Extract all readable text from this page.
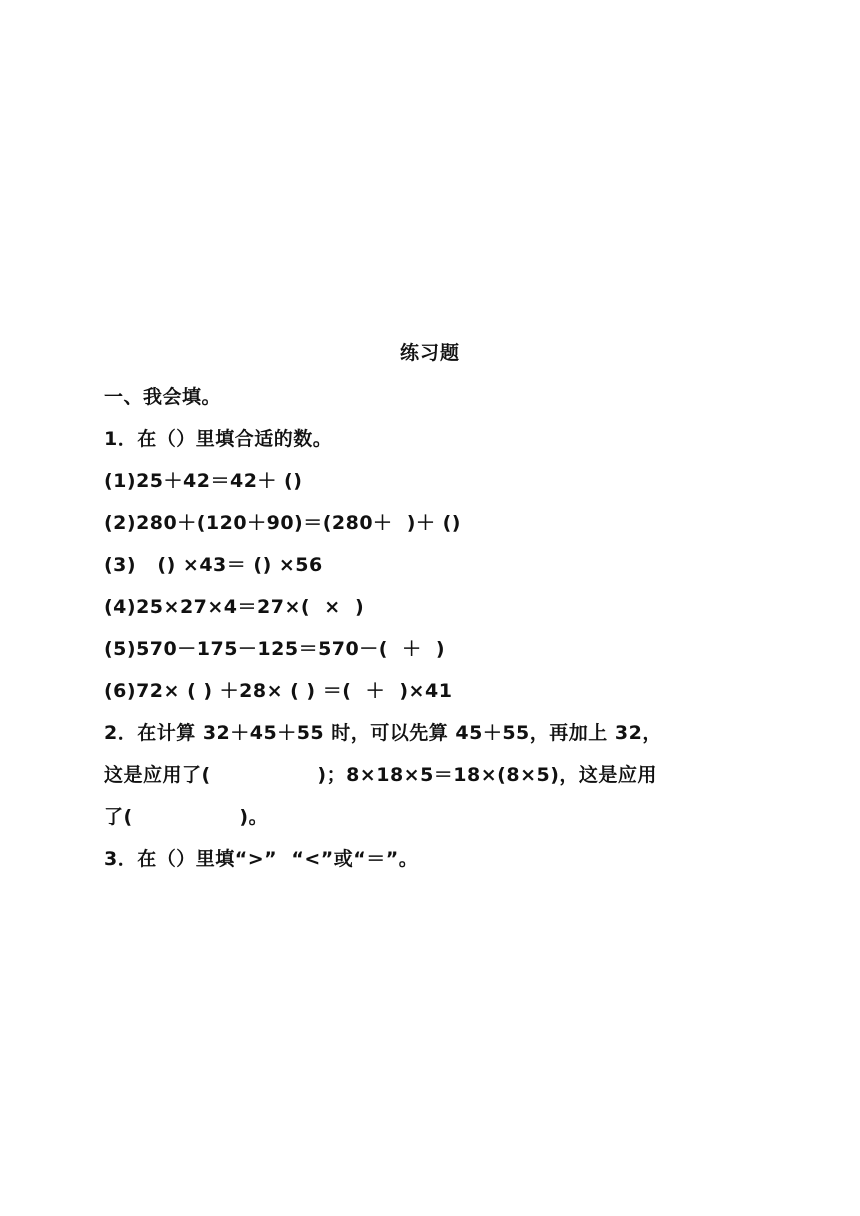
练习题
一、我会填。
1．在（）里填合适的数。
(1)25＋42＝42＋ ()
(2)280＋(120＋90)＝(280＋  )＋ ()
(3)   () ×43＝ () ×56
(4)25×27×4＝27×(  ×  )
(5)570－175－125＝570－(  ＋  )
(6)72× ( ) ＋28× ( ) ＝(  ＋  )×41
2．在计算 32＋45＋55 时，可以先算 45＋55，再加上 32，
这是应用了(               )；8×18×5＝18×(8×5)，这是应用
了(               )。
3．在（）里填“>”  “<”或“＝”。
